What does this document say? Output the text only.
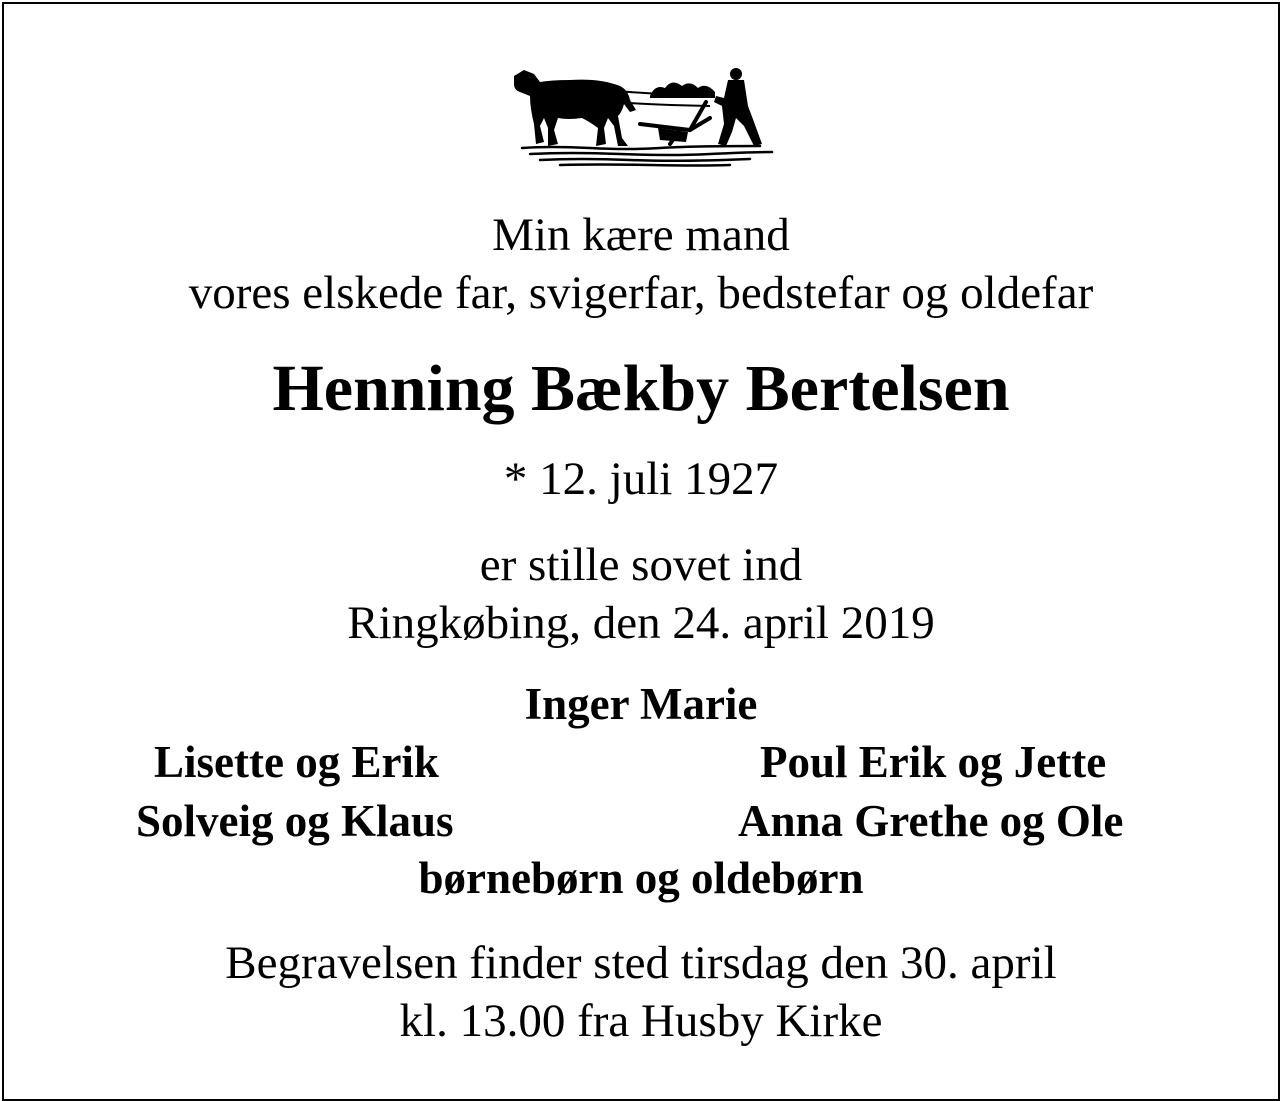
Min kære mand
vores elskede far, svigerfar, bedstefar og oldefar
Henning Bækby Bertelsen
* 12. juli 1927
er stille sovet ind
Ringkøbing, den 24. april 2019
Inger Marie
Lisette og Erik	Poul Erik og Jette
Solveig og Klaus	Anna Grethe og Ole
børnebørn og oldebørn
Begravelsen finder sted tirsdag den 30. april
kl. 13.00 fra Husby Kirke
